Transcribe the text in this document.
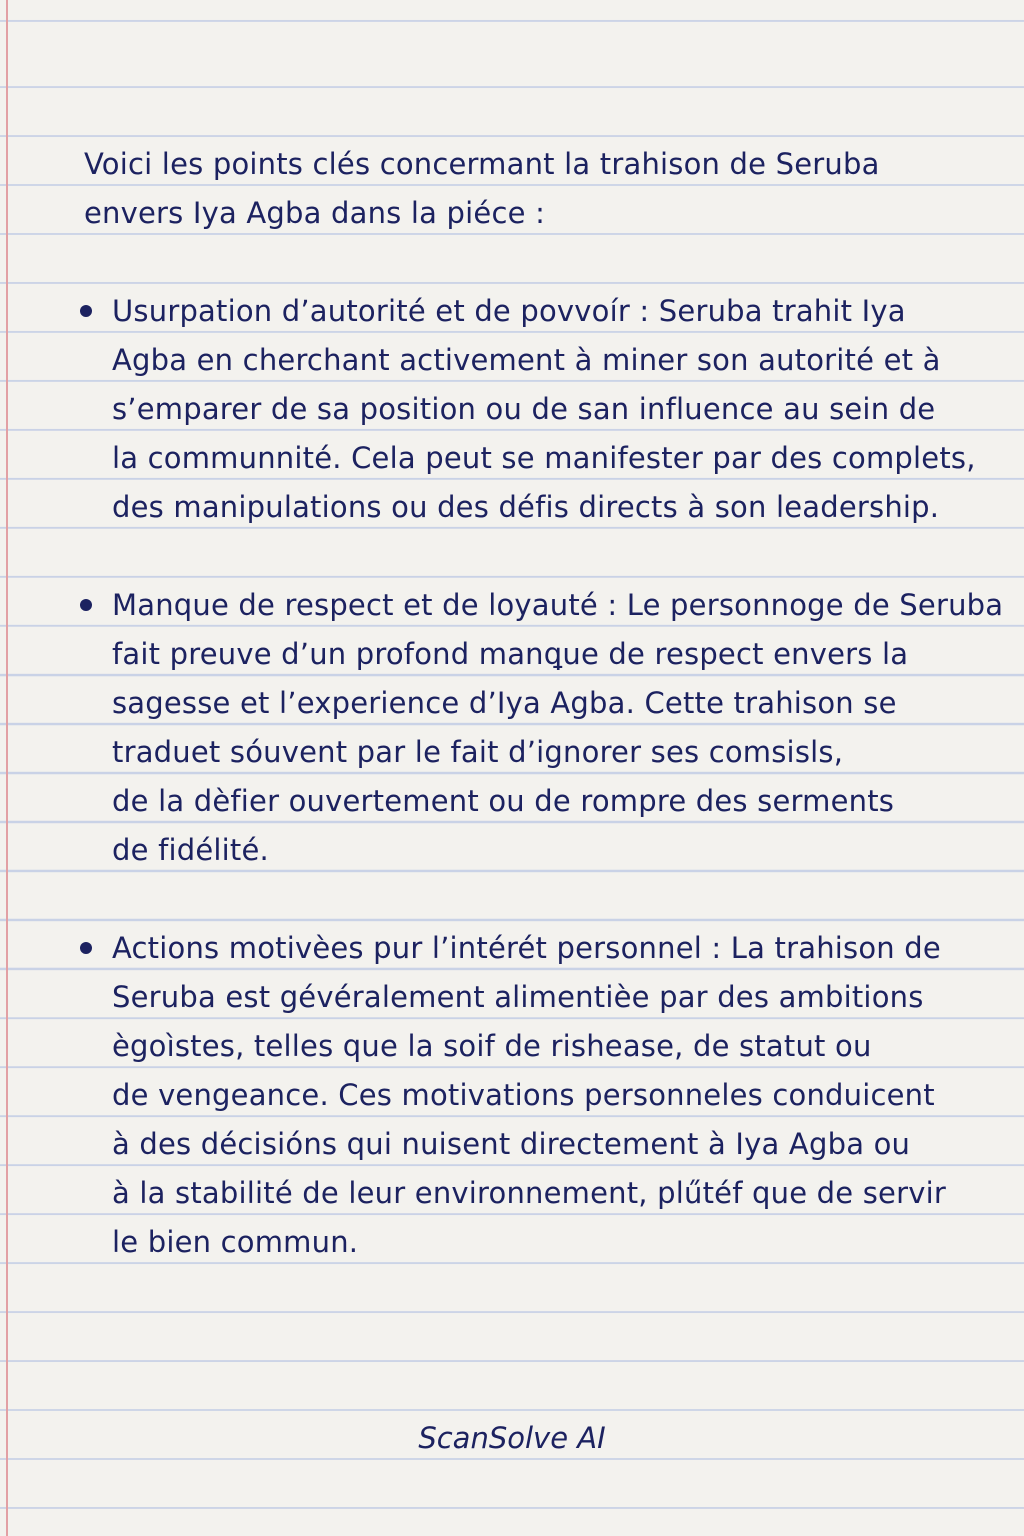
Voici les points clés concermant la trahison de Seruba

envers Iya Agba dans la piéce :

Usurpation d’autorité et de povvoír : Seruba trahit Iya

Agba en cherchant activement à miner son autorité et à

s’emparer de sa position ou de san influence au sein de

la communnité. Cela peut se manifester par des complets,

des manipulations ou des défis directs à son leadership.

Manque de respect et de loyauté : Le personnoge de Seruba

fait preuve d’un profond manꝗue de respect envers la

sagesse et l’experience d’Iya Agba. Cette trahison se

traduet sóuvent par le fait d’ignorer ses comsisls,

de la dèfier ouvertement ou de rompre des serments

de fidélité.

Actions motivèes pur l’intérét personnel : La trahison de

Seruba est gévéralement alimentièe par des ambitions

ègoìstes, telles que la soif de rishease, de statut ou

de vengeance. Ces motivations personneles conduicent

à des décisións qui nuisent directement à Iya Agba ou

à la stabilité de leur environnement, plűtéf que de servir

le bien commun.

ScanSolve AI
